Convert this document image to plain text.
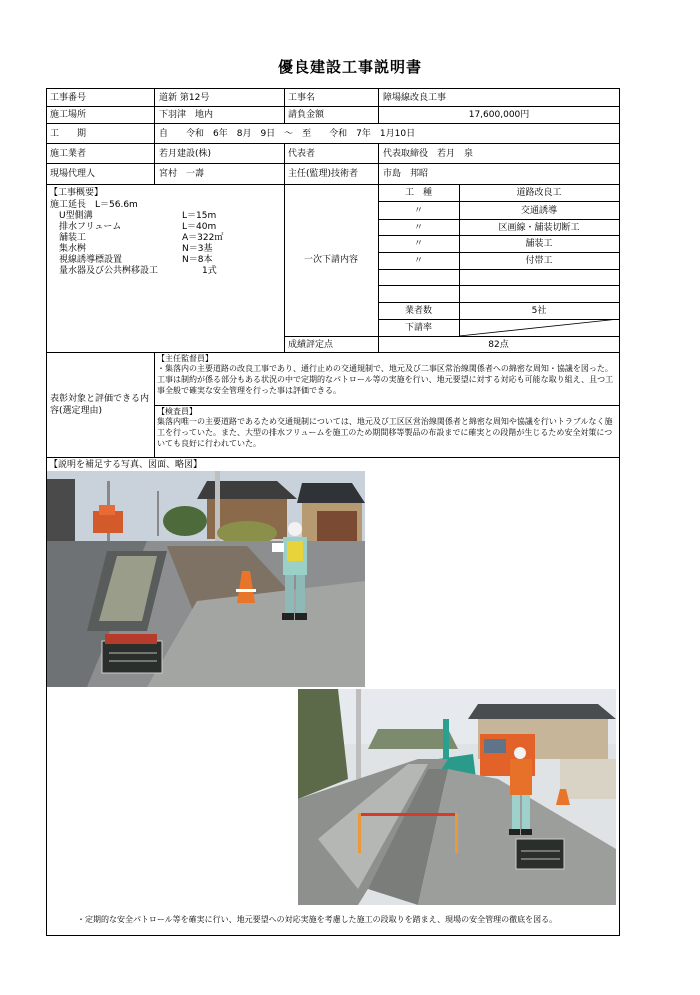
優良建設工事説明書
工事番号	道新 第12号	工事名	障場線改良工事
施工場所	下羽津　地内	請負金額	17,600,000円
工　　期	自　　令和　6年　8月　9日　～　至　　令和　7年　1月10日
施工業者	若月建設(株)	代表者	代表取締役　若月　泉
現場代理人	宮村　一壽	主任(監理)技術者	市島　邦昭
【工事概要】
施工延長　L＝56.6m
　U型側溝	L＝15m
　排水フリューム	L＝40m
　舗装工	A＝322㎡
　集水桝	N＝3基
　視線誘導標設置	N＝8本
　量水器及び公共桝移設工	1式
一次下請内容
工　種	道路改良工
〃	交通誘導
〃	区画線・舗装切断工
〃	舗装工
〃	付帯工
業者数	5社
下請率
成績評定点	82点
表彰対象と評価できる内容(選定理由)
【主任監督員】
・集落内の主要道路の改良工事であり、通行止めの交通規制で、地元及び二事区常治線関係者への綿密な周知・協議を図った。工事は制約が係る部分もある状況の中で定期的なパトロール等の実施を行い、地元要望に対する対応も可能な取り組え、且つ工事全般で確実な安全管理を行った事は評価できる。
【検査員】
集落内唯一の主要道路であるため交通規制については、地元及び工区区営治線関係者と綿密な周知や協議を行いトラブルなく施工を行っていた。また、大型の排水フリュームを施工のため期間移等製品の布設までに確実との段階が生じるため安全対策についても良好に行われていた。
【説明を補足する写真、図面、略図】
・定期的な安全パトロール等を確実に行い、地元要望への対応実施を考慮した施工の段取りを踏まえ、現場の安全管理の徹底を図る。
